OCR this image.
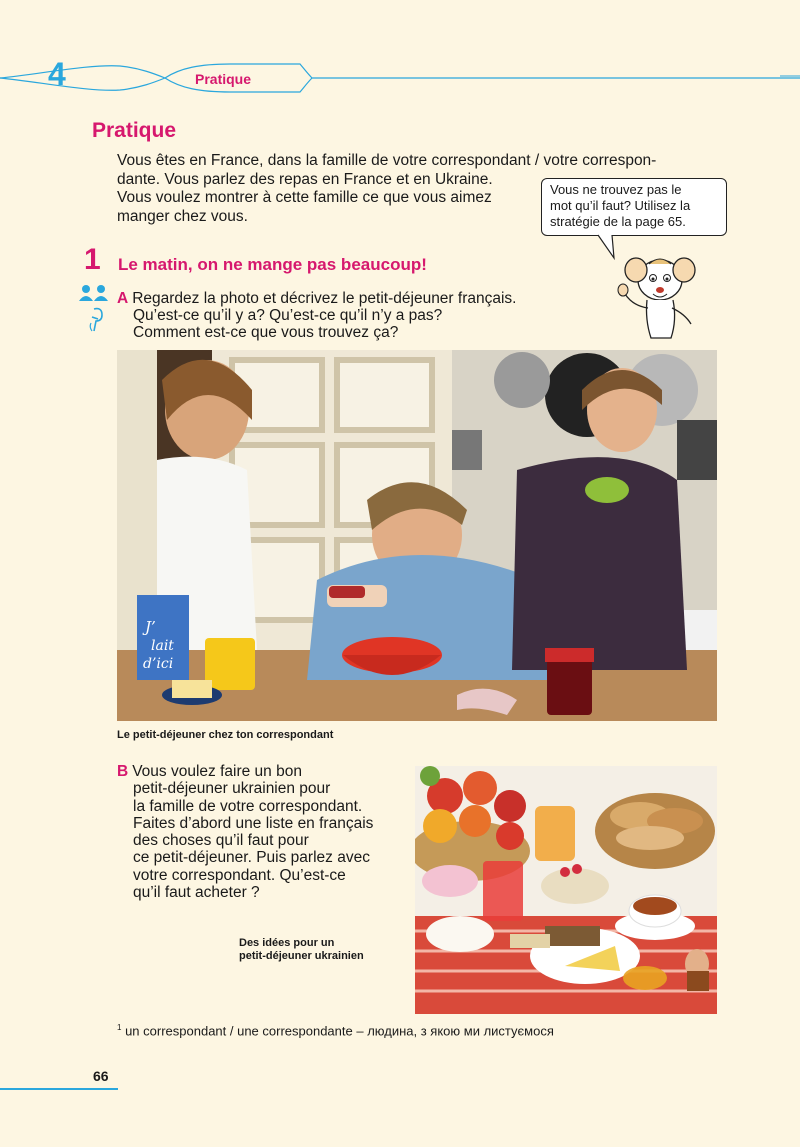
4	Pratique
Pratique

Vous êtes en France, dans la famille de votre correspondant / votre correspon-

dante. Vous parlez des repas en France et en Ukraine.

Vous voulez montrer à cette famille ce que vous aimez

manger chez vous.

Vous ne trouvez pas le
mot qu’il faut? Utilisez la
stratégie de la page 65.
1 Le matin, on ne mange pas beaucoup!
A Regardez la photo et décrivez le petit-déjeuner français.
Qu’est-ce qu’il y a? Qu’est-ce qu’il n’y a pas?
Comment est-ce que vous trouvez ça?
J’
lait
d’ici
Le petit-déjeuner chez ton correspondant
B Vous voulez faire un bon
petit-déjeuner ukrainien pour
la famille de votre correspondant.
Faites d’abord une liste en français
des choses qu’il faut pour
ce petit-déjeuner. Puis parlez avec
votre correspondant. Qu’est-ce
qu’il faut acheter ?
Des idées pour un
petit-déjeuner ukrainien
$^1$ un correspondant / une correspondante – людина, з якою ми листуємося
66
